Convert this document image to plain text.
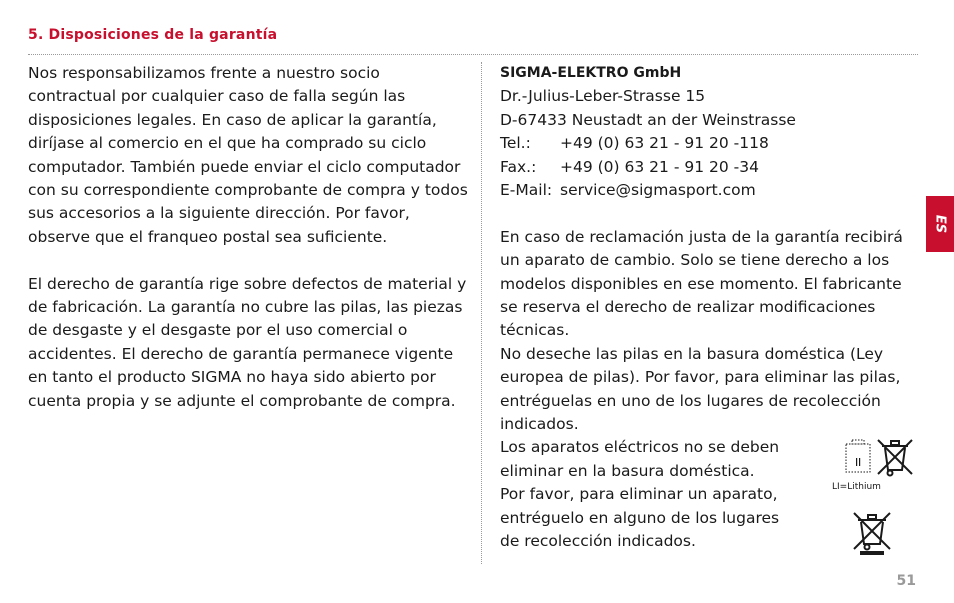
5. Disposiciones de la garantía

Nos responsabilizamos frente a nuestro socio contractual por cualquier caso de falla según las disposiciones legales. En caso de aplicar la garantía, diríjase al comercio en el que ha comprado su ciclo computador. También puede enviar el ciclo computador con su correspondiente comprobante de compra y todos sus accesorios a la siguiente dirección. Por favor, observe que el franqueo postal sea suficiente.

El derecho de garantía rige sobre defectos de material y de fabricación. La garantía no cubre las pilas, las piezas de desgaste y el desgaste por el uso comercial o accidentes. El derecho de garantía permanece vigente en tanto el producto SIGMA no haya sido abierto por cuenta propia y se adjunte el comprobante de compra.

SIGMA-ELEKTRO GmbH
Dr.-Julius-Leber-Strasse 15
D-67433 Neustadt an der Weinstrasse
Tel.:	+49 (0) 63 21 - 91 20 -118
Fax.:	+49 (0) 63 21 - 91 20 -34
E-Mail: service@sigmasport.com

En caso de reclamación justa de la garantía recibirá un aparato de cambio. Solo se tiene derecho a los modelos disponibles en ese momento. El fabricante se reserva el derecho de realizar modificaciones técnicas.

No deseche las pilas en la basura doméstica (Ley europea de pilas). Por favor, para eliminar las pilas, entréguelas en uno de los lugares de recolección indicados.

Los aparatos eléctricos no se deben eliminar en la basura doméstica.

Por favor, para eliminar un aparato, entréguelo en alguno de los lugares de recolección indicados.

LI=Lithium
ES
51
